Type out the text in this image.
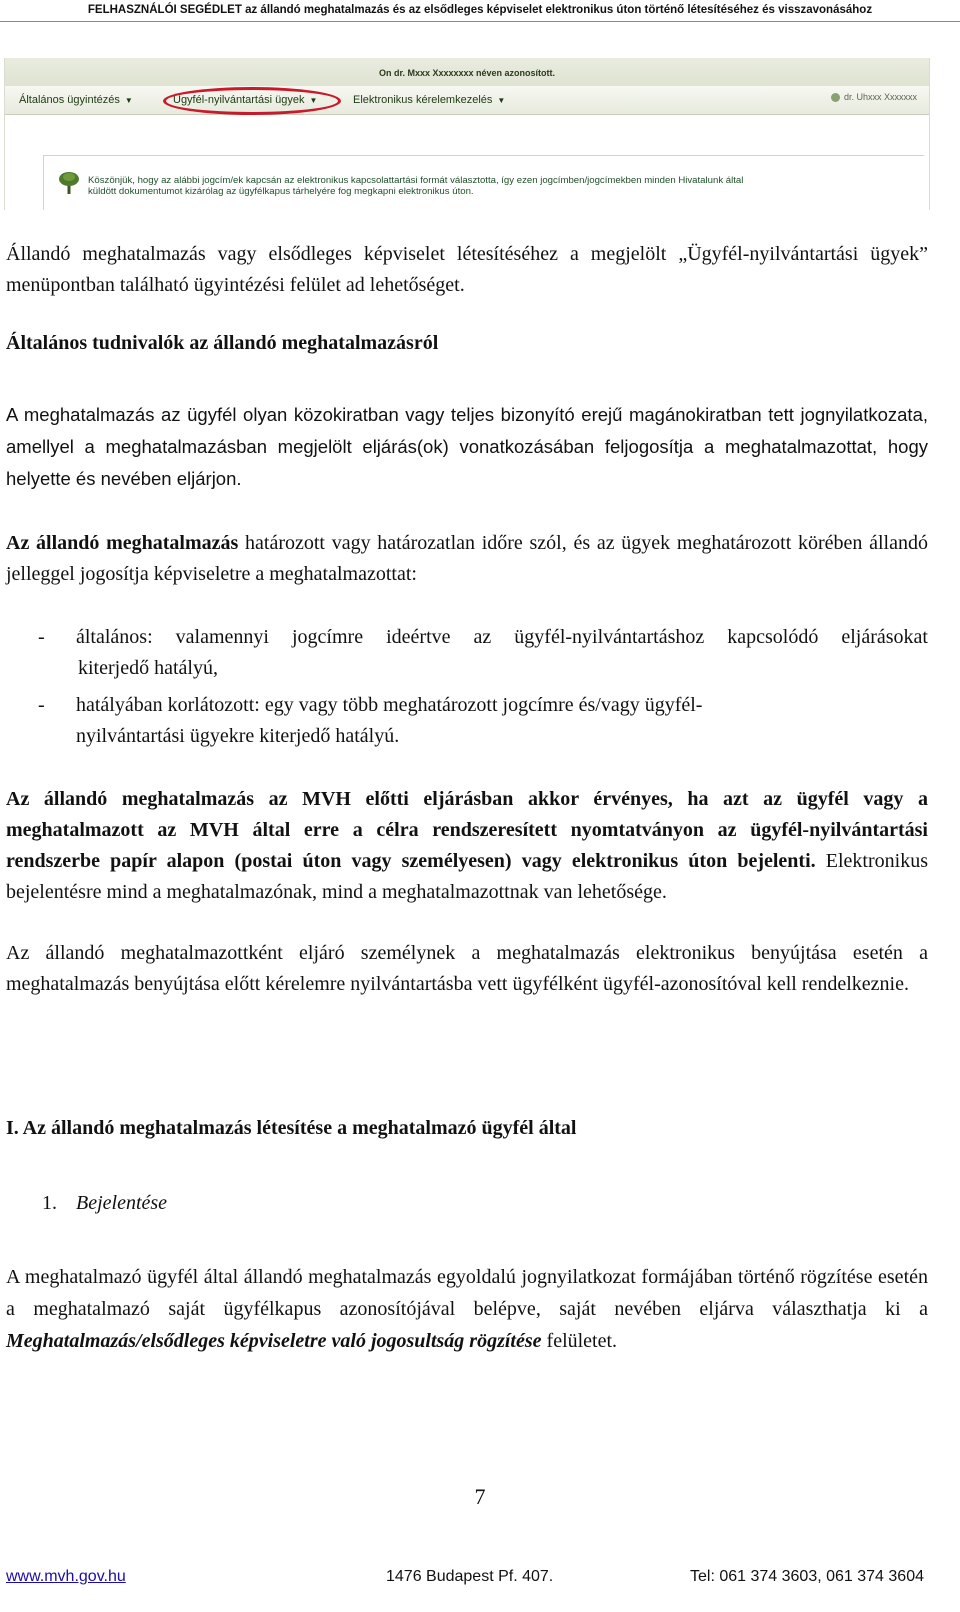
FELHASZNÁLÓI SEGÉDLET az állandó meghatalmazás és az elsődleges képviselet elektronikus úton történő létesítéséhez és visszavonásához
On dr. Mxxx Xxxxxxxx néven azonosított.
Általános ügyintézés ▼	Ügyfél-nyilvántartási ügyek ▼	Elektronikus kérelemkezelés ▼	dr. Uhxxx Xxxxxxx
Köszönjük, hogy az alábbi jogcím/ek kapcsán az elektronikus kapcsolattartási formát választotta, így ezen jogcímben/jogcímekben minden Hivatalunk által küldött dokumentumot kizárólag az ügyfélkapus tárhelyére fog megkapni elektronikus úton.

Állandó meghatalmazás vagy elsődleges képviselet létesítéséhez a megjelölt „Ügyfél-nyilvántartási ügyek” menüpontban található ügyintézési felület ad lehetőséget.

Általános tudnivalók az állandó meghatalmazásról

A meghatalmazás az ügyfél olyan közokiratban vagy teljes bizonyító erejű magánokiratban tett jognyilatkozata, amellyel a meghatalmazásban megjelölt eljárás(ok) vonatkozásában feljogosítja a meghatalmazottat, hogy helyette és nevében eljárjon.

Az állandó meghatalmazás határozott vagy határozatlan időre szól, és az ügyek meghatározott körében állandó jelleggel jogosítja képviseletre a meghatalmazottat:

- általános: valamennyi jogcímre ideértve az ügyfél-nyilvántartáshoz kapcsolódó eljárásokat
kiterjedő hatályú,
- hatályában korlátozott: egy vagy több meghatározott jogcímre és/vagy ügyfél-
nyilvántartási ügyekre kiterjedő hatályú.

Az állandó meghatalmazás az MVH előtti eljárásban akkor érvényes, ha azt az ügyfél vagy a meghatalmazott az MVH által erre a célra rendszeresített nyomtatványon az ügyfél-nyilvántartási rendszerbe papír alapon (postai úton vagy személyesen) vagy elektronikus úton bejelenti. Elektronikus bejelentésre mind a meghatalmazónak, mind a meghatalmazottnak van lehetősége.

Az állandó meghatalmazottként eljáró személynek a meghatalmazás elektronikus benyújtása esetén a meghatalmazás benyújtása előtt kérelemre nyilvántartásba vett ügyfélként ügyfél-azonosítóval kell rendelkeznie.

I. Az állandó meghatalmazás létesítése a meghatalmazó ügyfél által
1. Bejelentése

A meghatalmazó ügyfél által állandó meghatalmazás egyoldalú jognyilatkozat formájában történő rögzítése esetén a meghatalmazó saját ügyfélkapus azonosítójával belépve, saját nevében eljárva választhatja ki a Meghatalmazás/elsődleges képviseletre való jogosultság rögzítése felületet.

7
www.mvh.gov.hu	1476 Budapest Pf. 407.	Tel: 061 374 3603, 061 374 3604
